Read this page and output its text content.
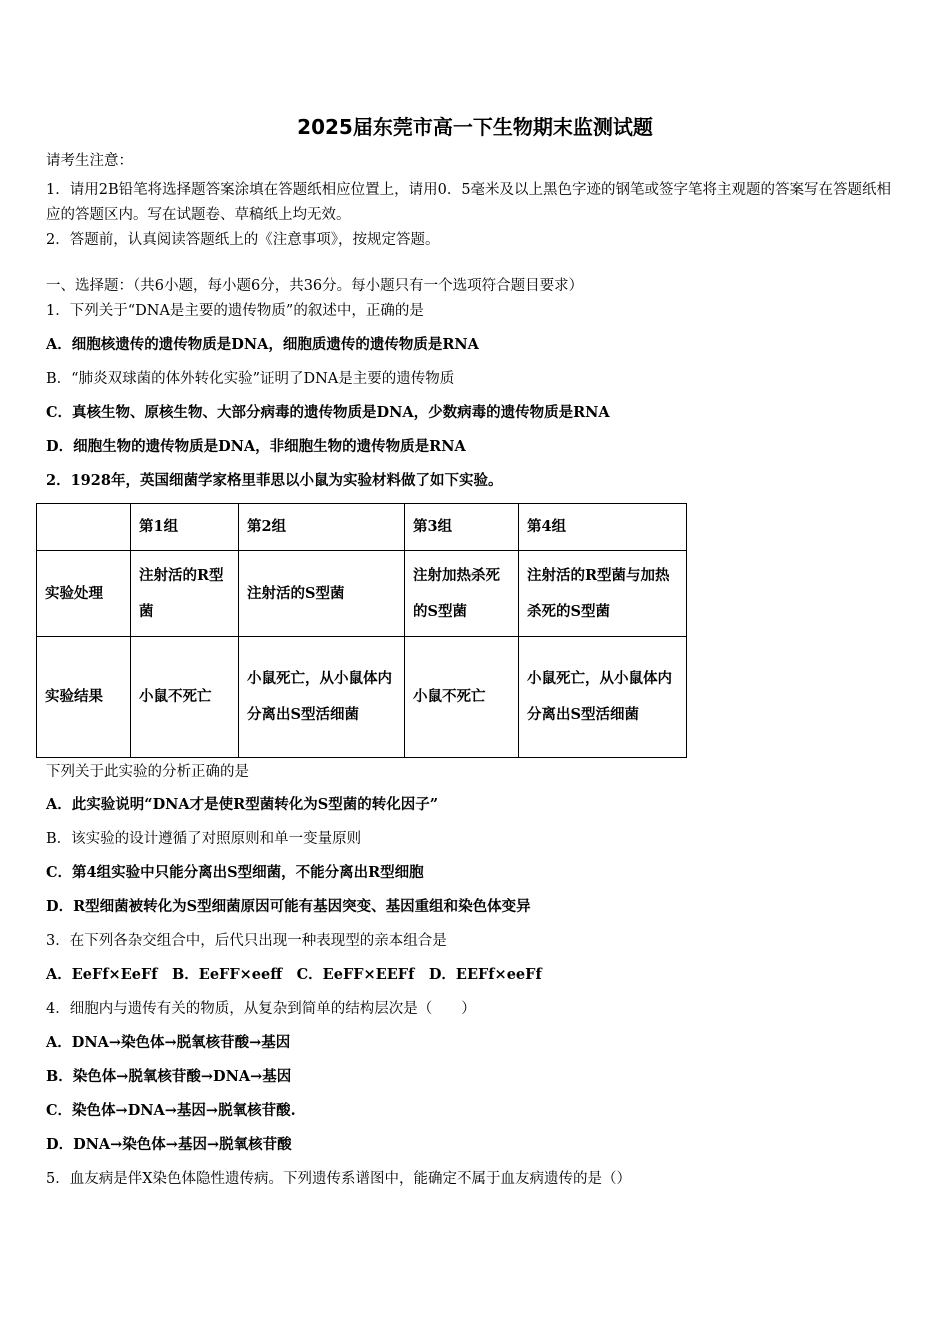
2025届东莞市高一下生物期末监测试题
请考生注意：
1．请用2B铅笔将选择题答案涂填在答题纸相应位置上，请用0．5毫米及以上黑色字迹的钢笔或签字笔将主观题的答案写在答题纸相应的答题区内。写在试题卷、草稿纸上均无效。
2．答题前，认真阅读答题纸上的《注意事项》，按规定答题。
一、选择题：（共6小题，每小题6分，共36分。每小题只有一个选项符合题目要求）
1．下列关于“DNA是主要的遗传物质”的叙述中，正确的是
A．细胞核遗传的遗传物质是DNA，细胞质遗传的遗传物质是RNA
B．“肺炎双球菌的体外转化实验”证明了DNA是主要的遗传物质
C．真核生物、原核生物、大部分病毒的遗传物质是DNA，少数病毒的遗传物质是RNA
D．细胞生物的遗传物质是DNA，非细胞生物的遗传物质是RNA
2．1928年，英国细菌学家格里菲思以小鼠为实验材料做了如下实验。
	第1组	第2组	第3组	第4组
实验处理	注射活的R型菌	注射活的S型菌	注射加热杀死的S型菌	注射活的R型菌与加热杀死的S型菌
实验结果	小鼠不死亡	小鼠死亡，从小鼠体内分离出S型活细菌	小鼠不死亡	小鼠死亡，从小鼠体内分离出S型活细菌
下列关于此实验的分析正确的是
A．此实验说明“DNA才是使R型菌转化为S型菌的转化因子”
B．该实验的设计遵循了对照原则和单一变量原则
C．第4组实验中只能分离出S型细菌，不能分离出R型细胞
D．R型细菌被转化为S型细菌原因可能有基因突变、基因重组和染色体变异
3．在下列各杂交组合中，后代只出现一种表现型的亲本组合是
A．EeFf×EeFf　B．EeFF×eeff　C．EeFF×EEFf　D．EEFf×eeFf
4．细胞内与遗传有关的物质，从复杂到简单的结构层次是（　　）
A．DNA→染色体→脱氧核苷酸→基因
B．染色体→脱氧核苷酸→DNA→基因
C．染色体→DNA→基因→脱氧核苷酸.
D．DNA→染色体→基因→脱氧核苷酸
5．血友病是伴X染色体隐性遗传病。下列遗传系谱图中，能确定不属于血友病遗传的是（）
